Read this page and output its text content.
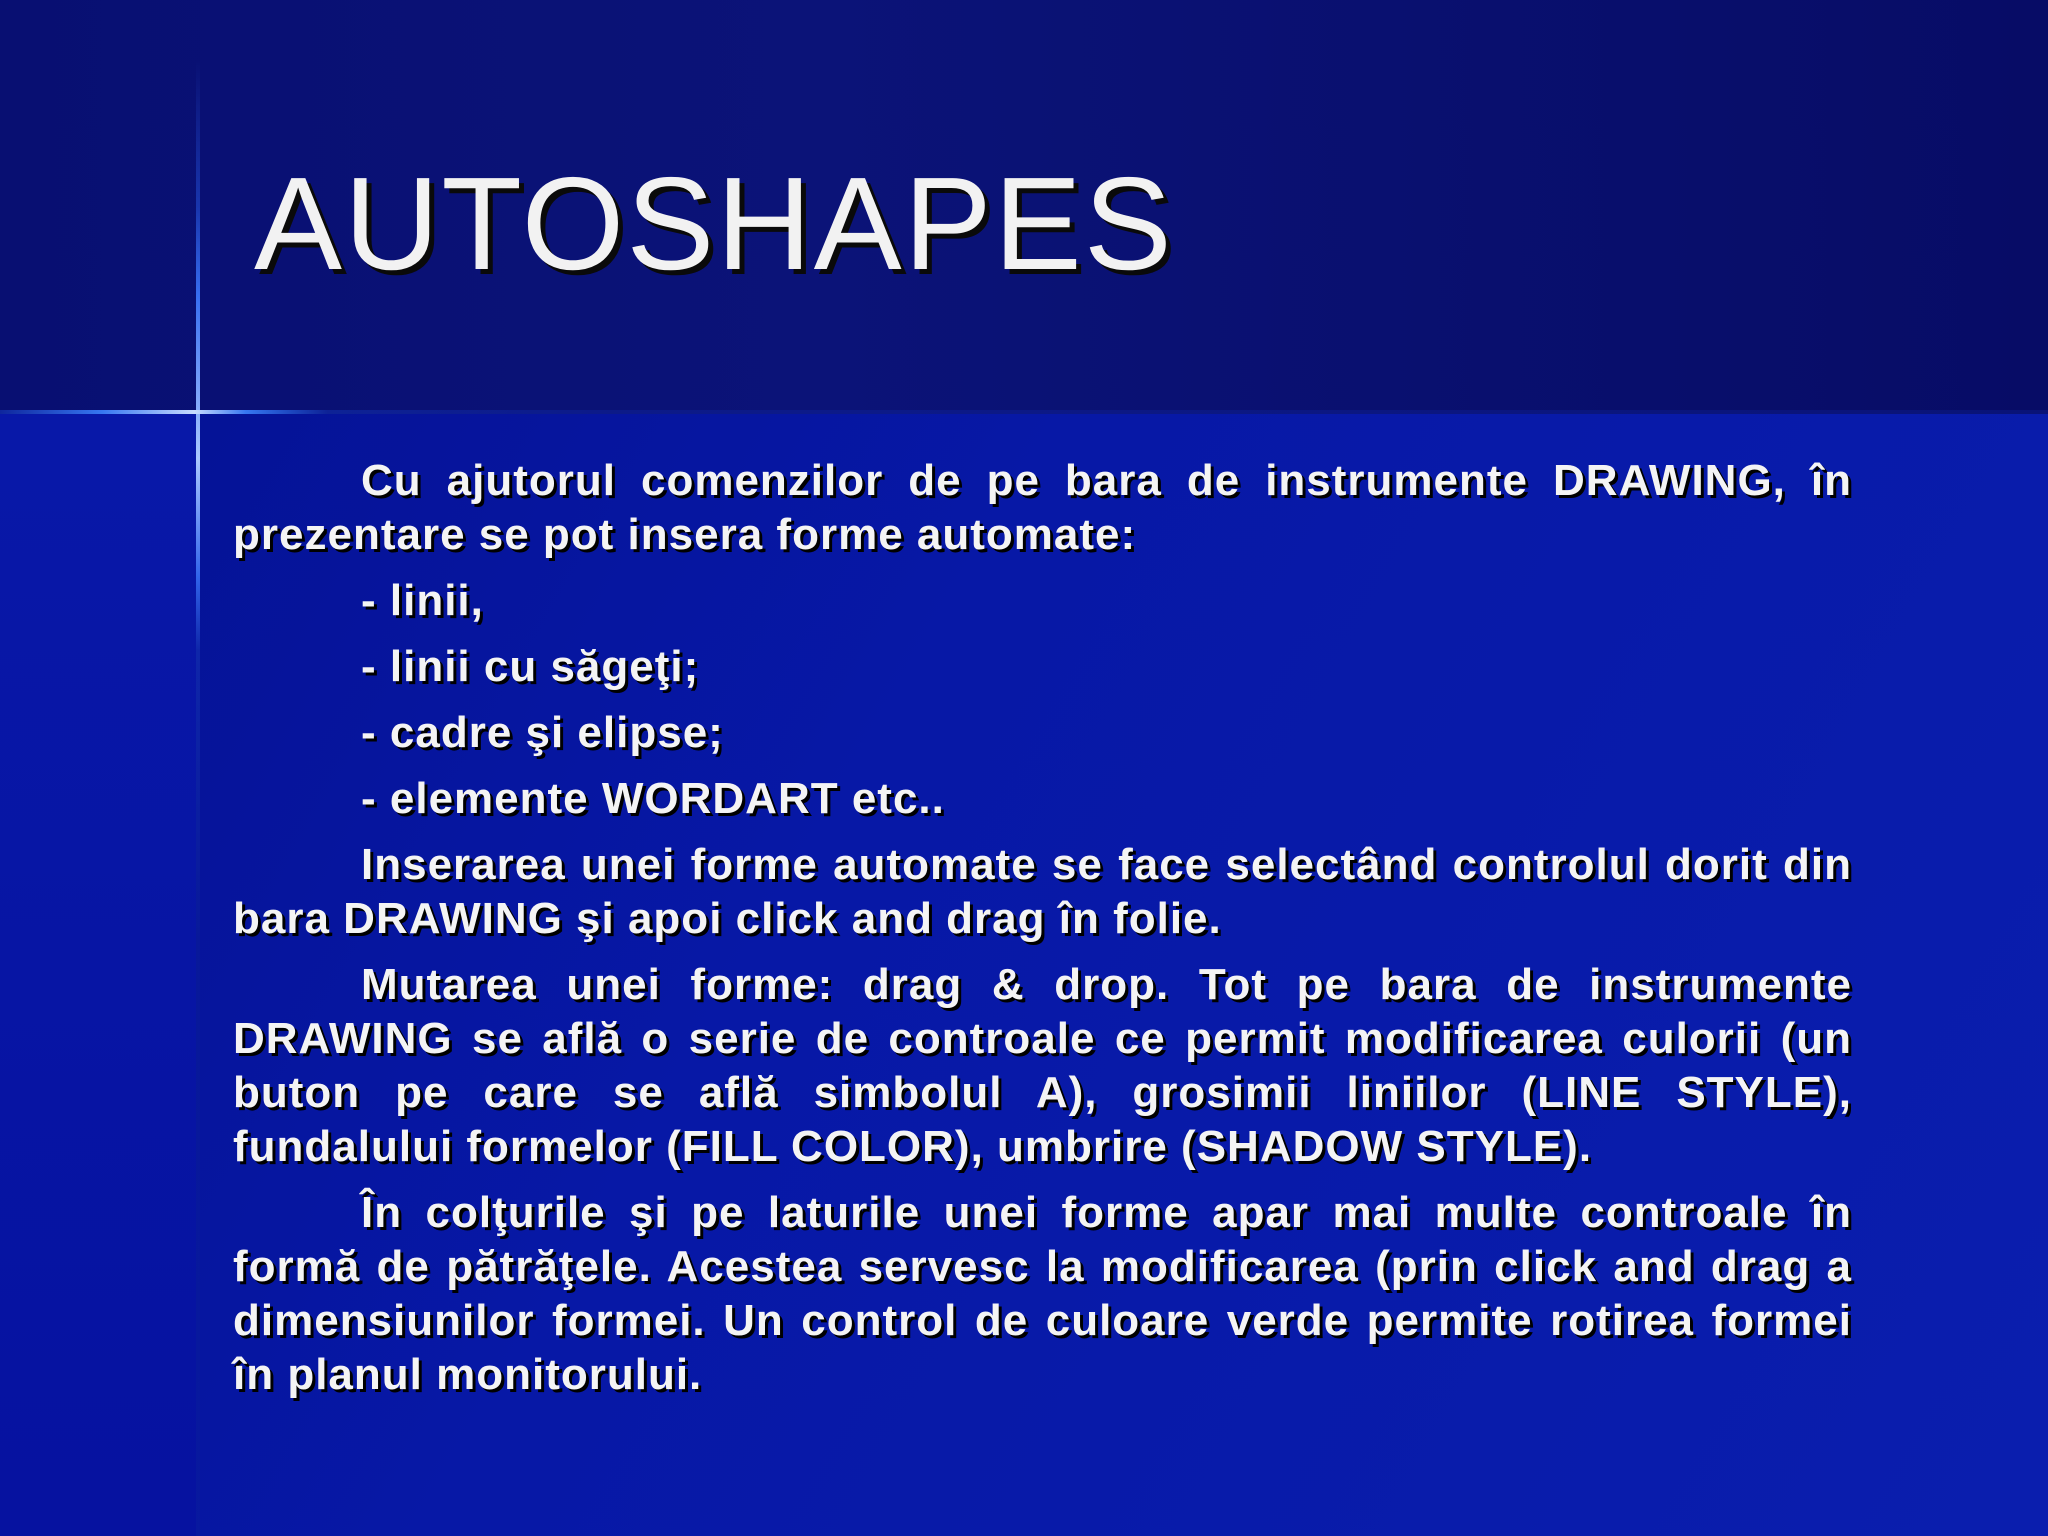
AUTOSHAPES

Cu ajutorul comenzilor de pe bara de instrumente DRAWING, în prezentare se pot insera forme automate:

- linii,
- linii cu săgeţi;
- cadre şi elipse;
- elemente WORDART etc..

Inserarea unei forme automate se face selectând controlul dorit din bara DRAWING şi apoi click and drag în folie.

Mutarea unei forme: drag & drop. Tot pe bara de instrumente DRAWING se află o serie de controale ce permit modificarea culorii (un buton pe care se află simbolul A), grosimii liniilor (LINE STYLE), fundalului formelor (FILL COLOR), umbrire (SHADOW STYLE).

În colţurile şi pe laturile unei forme apar mai multe controale în formă de pătrăţele. Acestea servesc la modificarea (prin click and drag a dimensiunilor formei. Un control de culoare verde permite rotirea formei în planul monitorului.
